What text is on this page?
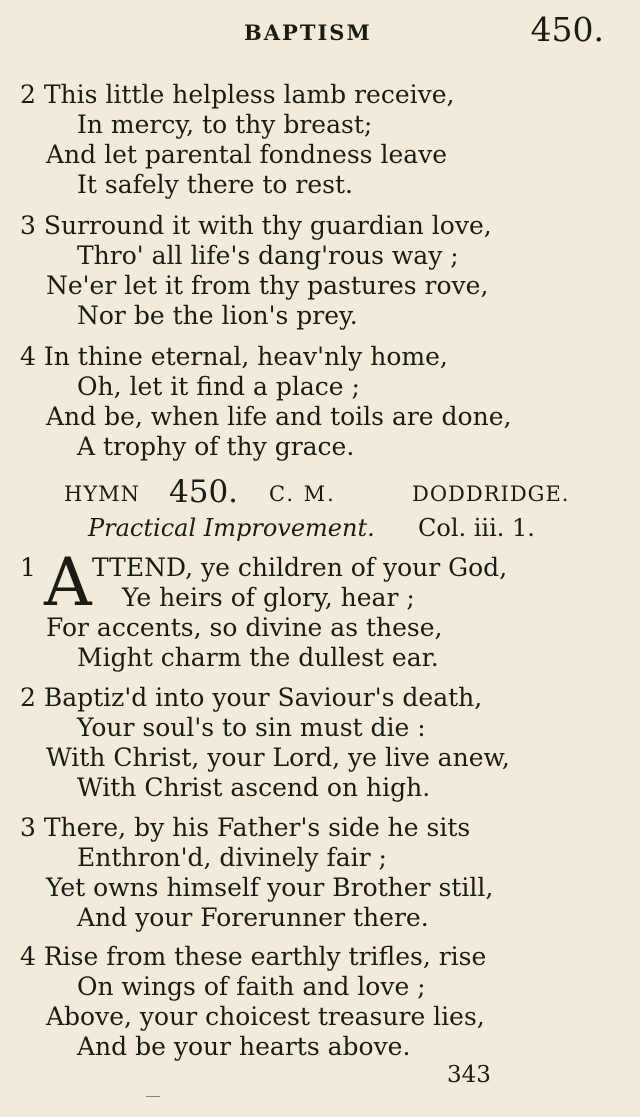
BAPTISM	450.
2 This little helpless lamb receive,
In mercy, to thy breast;
And let parental fondness leave
It safely there to rest.
3 Surround it with thy guardian love,
Thro' all life's dang'rous way ;
Ne'er let it from thy pastures rove,
Nor be the lion's prey.
4 In thine eternal, heav'nly home,
Oh, let it find a place ;
And be, when life and toils are done,
A trophy of thy grace.
HYMN 450. C. M.	DODDRIDGE.
Practical Improvement. Col. iii. 1.
1 A TTEND, ye children of your God,
Ye heirs of glory, hear ;
For accents, so divine as these,
Might charm the dullest ear.
2 Baptiz'd into your Saviour's death,
Your soul's to sin must die :
With Christ, your Lord, ye live anew,
With Christ ascend on high.
3 There, by his Father's side he sits
Enthron'd, divinely fair ;
Yet owns himself your Brother still,
And your Forerunner there.
4 Rise from these earthly trifles, rise
On wings of faith and love ;
Above, your choicest treasure lies,
And be your hearts above.
343
